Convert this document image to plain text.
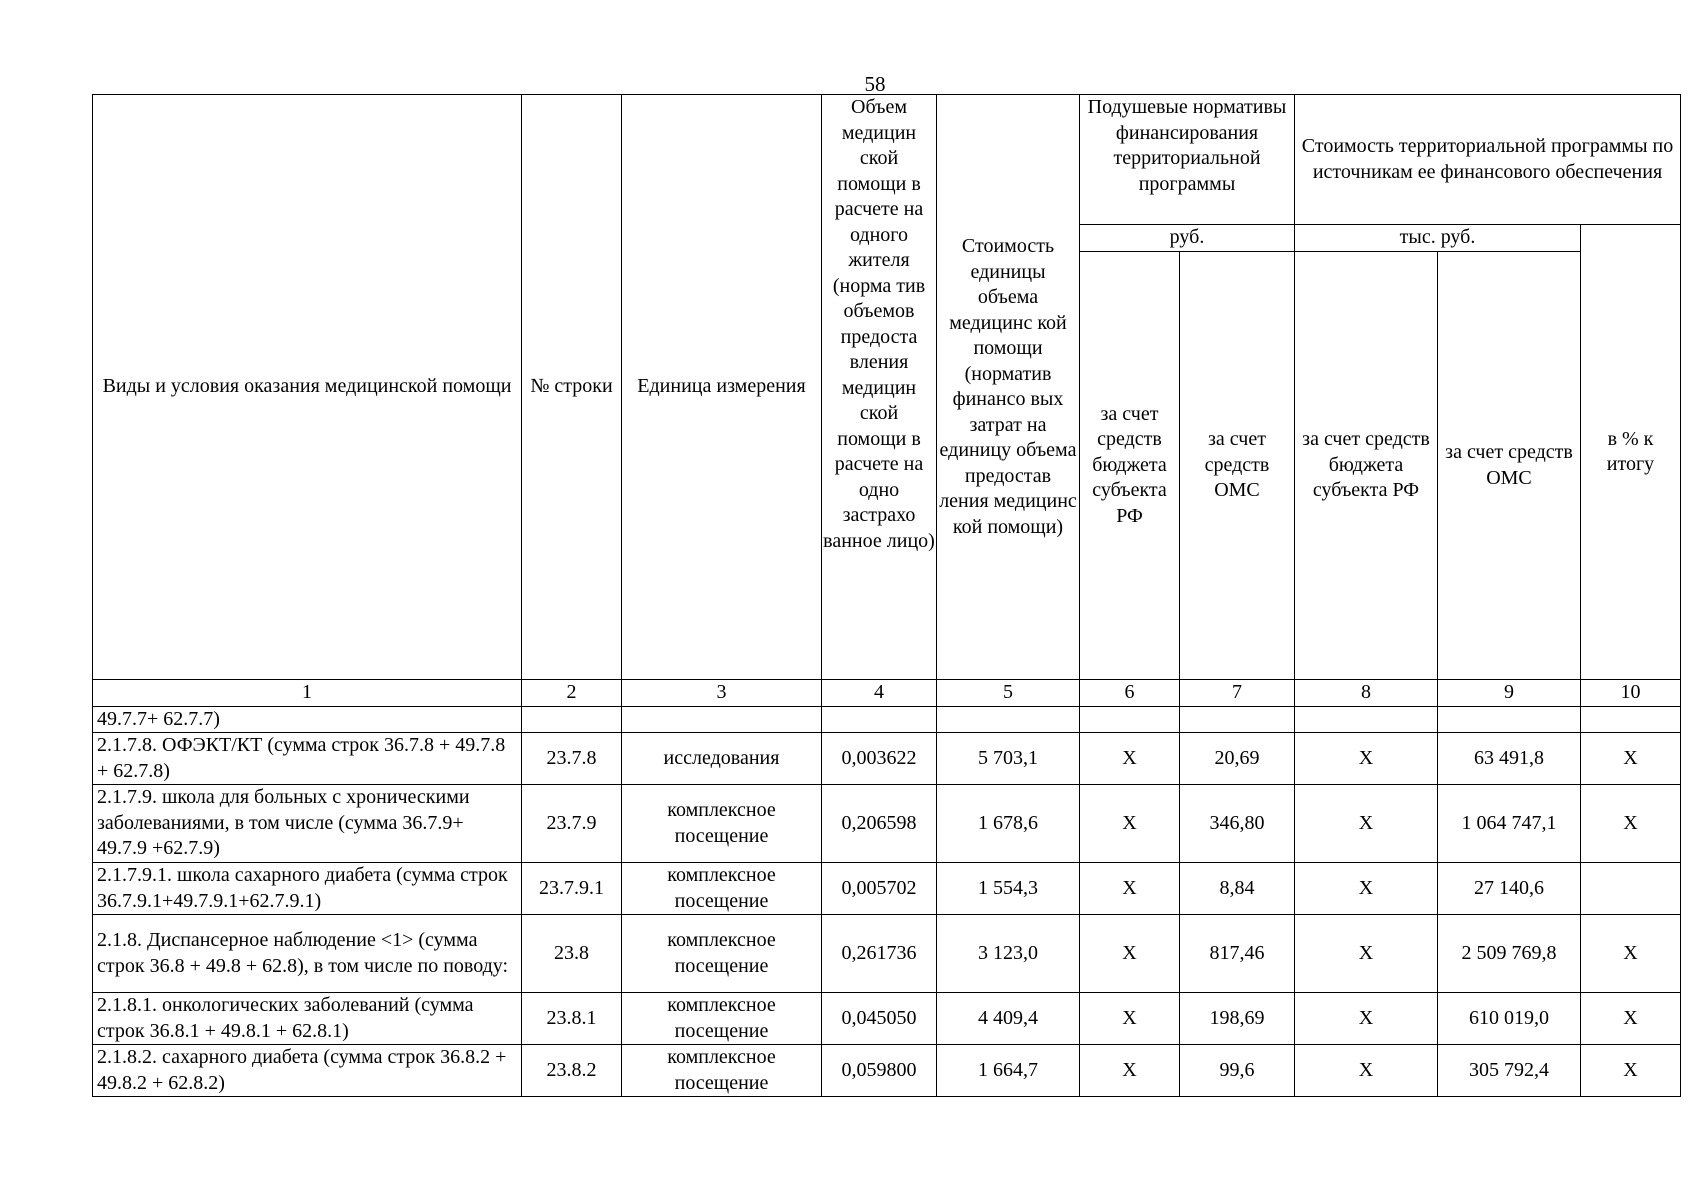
58
Виды и условия оказания медицинской помощи	№ строки	Единица измерения	Объем медицин ской помощи в расчете на одного жителя (норма тив объемов предоста вления медицин ской помощи в расчете на одно застрахо ванное лицо)	Стоимость единицы объема медицинс кой помощи (норматив финансо вых затрат на единицу объема предостав ления медицинс кой помощи)	Подушевые нормативы финансирования территориальной программы		Стоимость территориальной программы по источникам ее финансового обеспечения		
					руб.		тыс. руб.		в % к итогу
					за счет средств бюджета субъекта РФ	за счет средств ОМС	за счет средств бюджета субъекта РФ	за счет средств ОМС	
1	2	3	4	5	6	7	8	9	10
49.7.7+ 62.7.7)									
2.1.7.8. ОФЭКТ/КТ (сумма строк 36.7.8 + 49.7.8 + 62.7.8)	23.7.8	исследования	0,003622	5 703,1	X	20,69	X	63 491,8	X
2.1.7.9. школа для больных с хроническими заболеваниями, в том числе (сумма 36.7.9+ 49.7.9 +62.7.9)	23.7.9	комплексное посещение	0,206598	1 678,6	X	346,80	X	1 064 747,1	X
2.1.7.9.1. школа сахарного диабета (сумма строк 36.7.9.1+49.7.9.1+62.7.9.1)	23.7.9.1	комплексное посещение	0,005702	1 554,3	X	8,84	X	27 140,6	
2.1.8. Диспансерное наблюдение <1> (сумма строк 36.8 + 49.8 + 62.8), в том числе по поводу:	23.8	комплексное посещение	0,261736	3 123,0	X	817,46	X	2 509 769,8	X
2.1.8.1. онкологических заболеваний (сумма строк 36.8.1 + 49.8.1 + 62.8.1)	23.8.1	комплексное посещение	0,045050	4 409,4	X	198,69	X	610 019,0	X
2.1.8.2. сахарного диабета (сумма строк 36.8.2 + 49.8.2 + 62.8.2)	23.8.2	комплексное посещение	0,059800	1 664,7	X	99,6	X	305 792,4	X
